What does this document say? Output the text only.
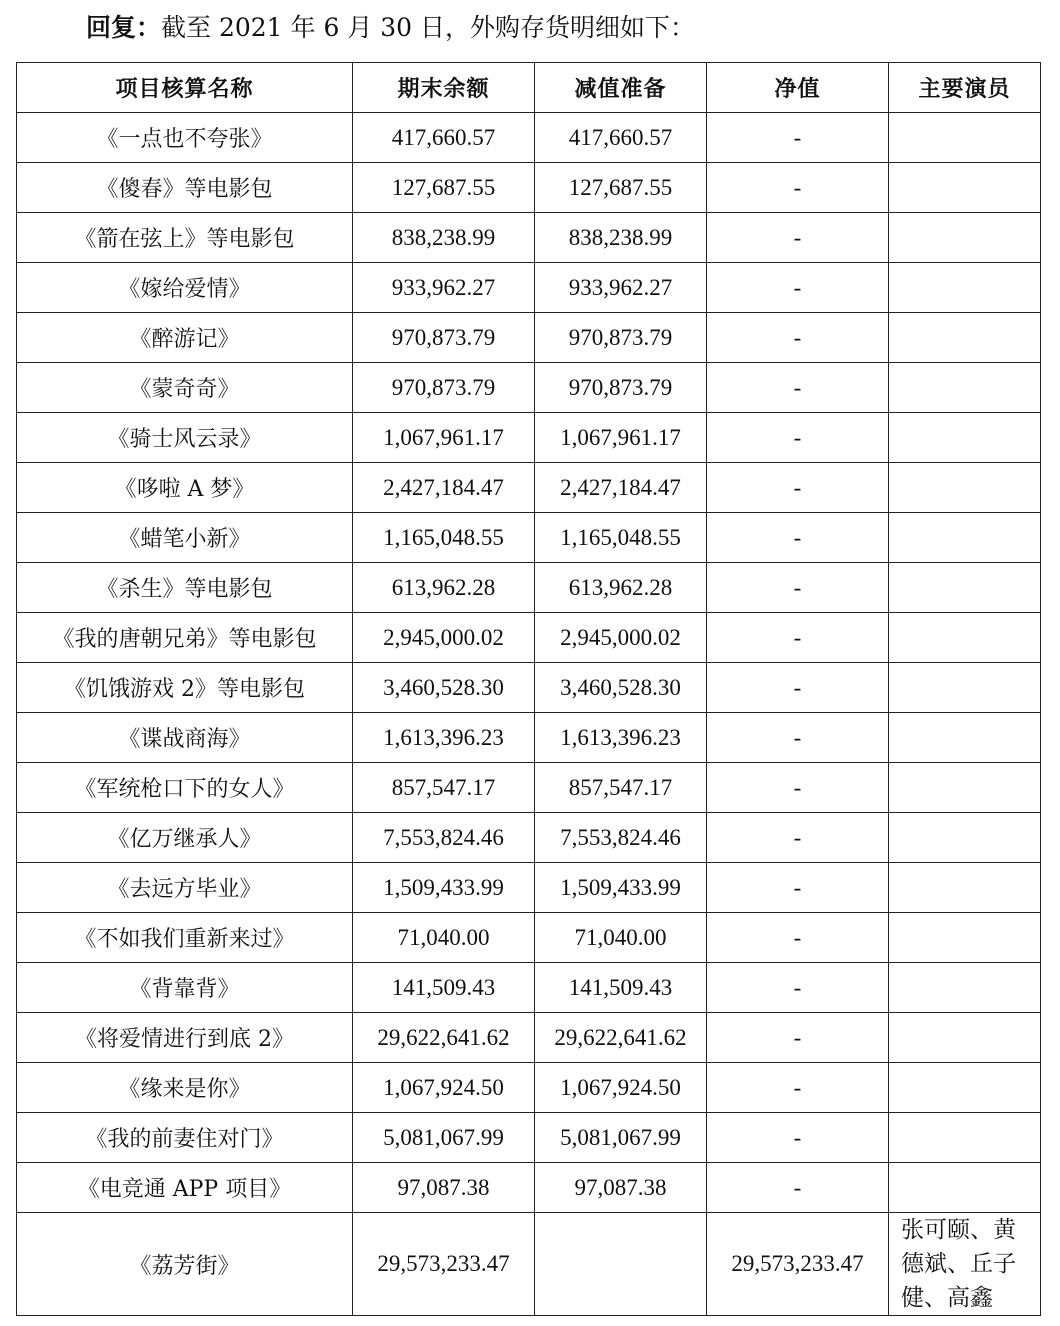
回复：截至 2021 年 6 月 30 日，外购存货明细如下：
项目核算名称	期末余额	减值准备	净值	主要演员
《一点也不夸张》	417,660.57	417,660.57	-	
《傻春》等电影包	127,687.55	127,687.55	-	
《箭在弦上》等电影包	838,238.99	838,238.99	-	
《嫁给爱情》	933,962.27	933,962.27	-	
《醉游记》	970,873.79	970,873.79	-	
《蒙奇奇》	970,873.79	970,873.79	-	
《骑士风云录》	1,067,961.17	1,067,961.17	-	
《哆啦 A 梦》	2,427,184.47	2,427,184.47	-	
《蜡笔小新》	1,165,048.55	1,165,048.55	-	
《杀生》等电影包	613,962.28	613,962.28	-	
《我的唐朝兄弟》等电影包	2,945,000.02	2,945,000.02	-	
《饥饿游戏 2》等电影包	3,460,528.30	3,460,528.30	-	
《谍战商海》	1,613,396.23	1,613,396.23	-	
《军统枪口下的女人》	857,547.17	857,547.17	-	
《亿万继承人》	7,553,824.46	7,553,824.46	-	
《去远方毕业》	1,509,433.99	1,509,433.99	-	
《不如我们重新来过》	71,040.00	71,040.00	-	
《背靠背》	141,509.43	141,509.43	-	
《将爱情进行到底 2》	29,622,641.62	29,622,641.62	-	
《缘来是你》	1,067,924.50	1,067,924.50	-	
《我的前妻住对门》	5,081,067.99	5,081,067.99	-	
《电竞通 APP 项目》	97,087.38	97,087.38	-	
《荔芳街》	29,573,233.47		29,573,233.47	张可颐、黄德斌、丘子健、高鑫
